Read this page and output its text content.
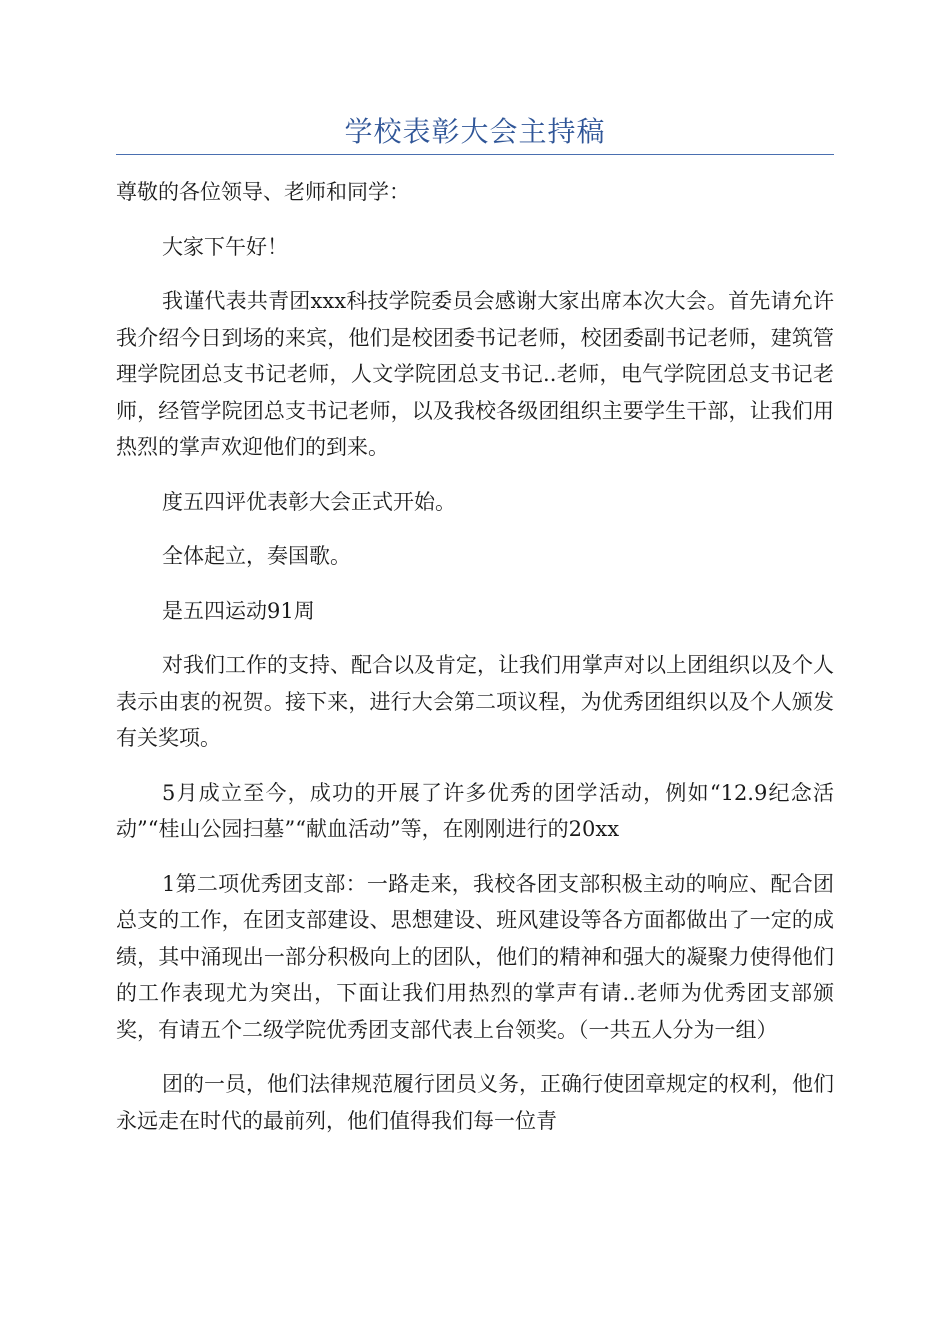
学校表彰大会主持稿

尊敬的各位领导、老师和同学：

大家下午好！

我谨代表共青团xxx科技学院委员会感谢大家出席本次大会。首先请允许我介绍今日到场的来宾，他们是校团委书记老师，校团委副书记老师，建筑管理学院团总支书记老师，人文学院团总支书记..老师，电气学院团总支书记老师，经管学院团总支书记老师，以及我校各级团组织主要学生干部，让我们用热烈的掌声欢迎他们的到来。

度五四评优表彰大会正式开始。

全体起立，奏国歌。

是五四运动91周

对我们工作的支持、配合以及肯定，让我们用掌声对以上团组织以及个人表示由衷的祝贺。接下来，进行大会第二项议程，为优秀团组织以及个人颁发有关奖项。

5月成立至今，成功的开展了许多优秀的团学活动，例如“12.9纪念活动”“桂山公园扫墓”“献血活动”等，在刚刚进行的20xx

1第二项优秀团支部：一路走来，我校各团支部积极主动的响应、配合团总支的工作，在团支部建设、思想建设、班风建设等各方面都做出了一定的成绩，其中涌现出一部分积极向上的团队，他们的精神和强大的凝聚力使得他们的工作表现尤为突出，下面让我们用热烈的掌声有请..老师为优秀团支部颁奖，有请五个二级学院优秀团支部代表上台领奖。（一共五人分为一组）

团的一员，他们法律规范履行团员义务，正确行使团章规定的权利，他们永远走在时代的最前列，他们值得我们每一位青
